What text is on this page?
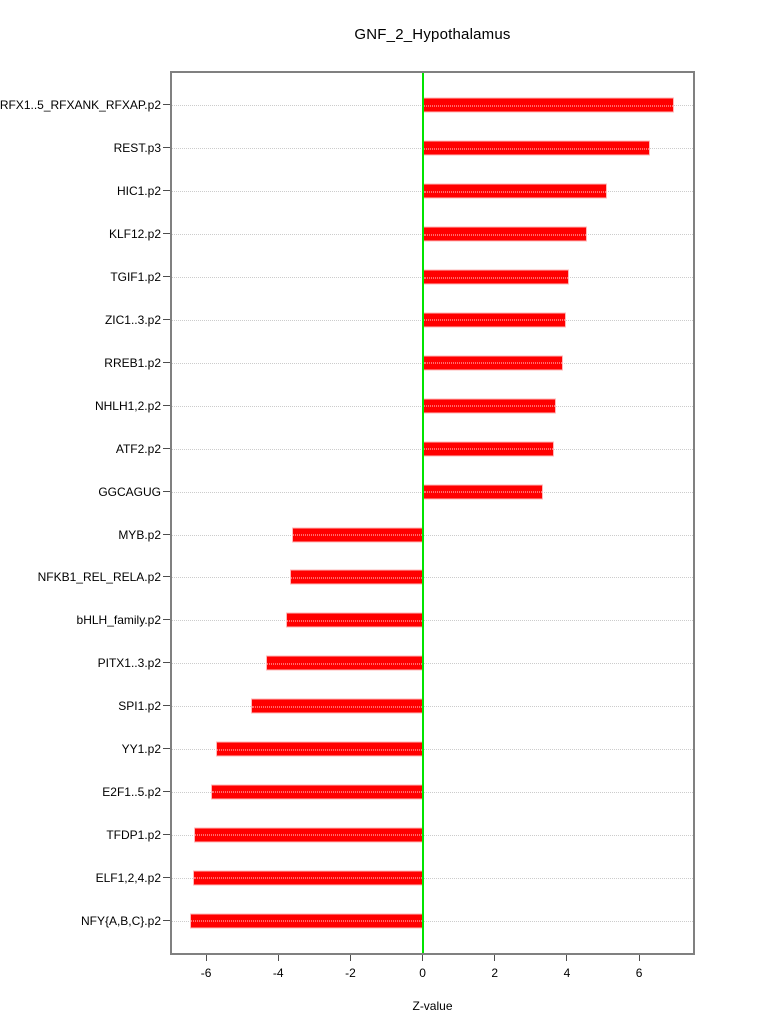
GNF_2_Hypothalamus
RFX1..5_RFXANK_RFXAP.p2
REST.p3
HIC1.p2
KLF12.p2
TGIF1.p2
ZIC1..3.p2
RREB1.p2
NHLH1,2.p2
ATF2.p2
GGCAGUG
MYB.p2
NFKB1_REL_RELA.p2
bHLH_family.p2
PITX1..3.p2
SPI1.p2
YY1.p2
E2F1..5.p2
TFDP1.p2
ELF1,2,4.p2
NFY{A,B,C}.p2
Z-value
-6	-4	-2	0	2	4	6
